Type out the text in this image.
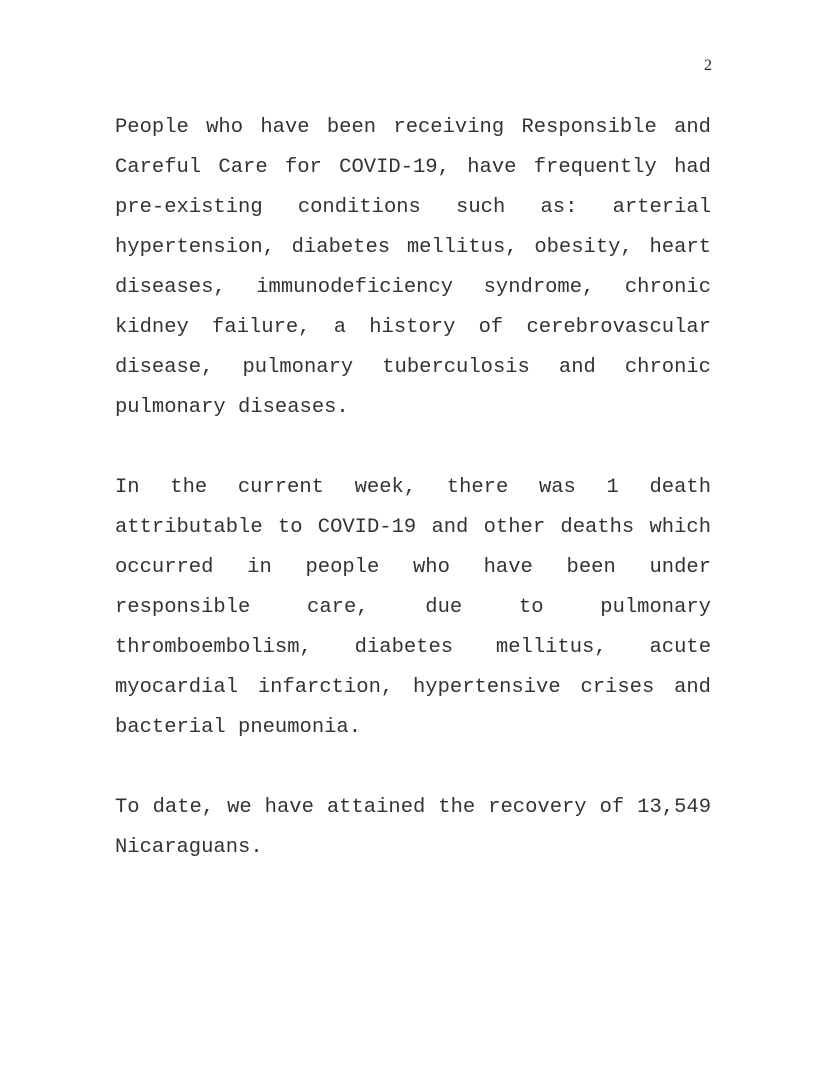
2

People who have been receiving Responsible and Careful Care for COVID-19, have frequently had pre-existing conditions such as: arterial hypertension, diabetes mellitus, obesity, heart diseases, immunodeficiency syndrome, chronic kidney failure, a history of cerebrovascular disease, pulmonary tuberculosis and chronic pulmonary diseases.

In the current week, there was 1 death attributable to COVID-19 and other deaths which occurred in people who have been under responsible care, due to pulmonary thromboembolism, diabetes mellitus, acute myocardial infarction, hypertensive crises and bacterial pneumonia.

To date, we have attained the recovery of 13,549 Nicaraguans.
